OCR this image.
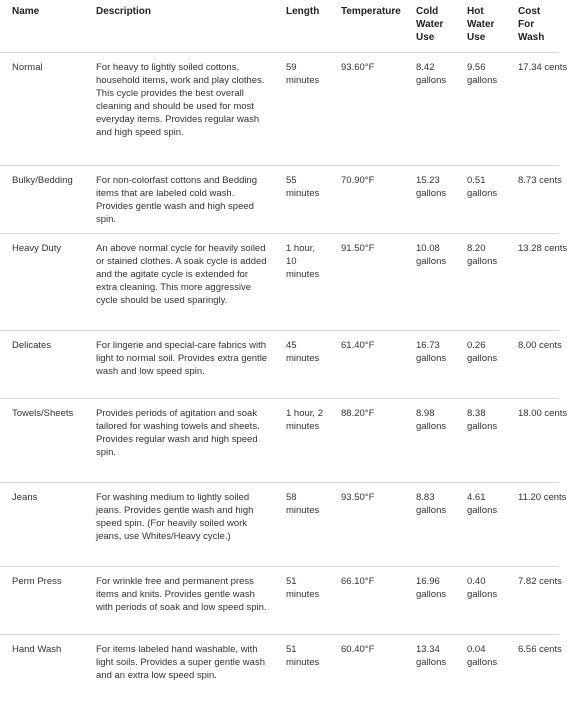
Name	Description	Length	Temperature	Cold Water Use	Hot Water Use	Cost For Wash
Normal	For heavy to lightly soiled cottons, household items, work and play clothes. This cycle provides the best overall cleaning and should be used for most everyday items. Provides regular wash and high speed spin.	59 minutes	93.60°F	8.42 gallons	9.56 gallons	17.34 cents
Bulky/Bedding	For non-colorfast cottons and Bedding items that are labeled cold wash. Provides gentle wash and high speed spin.	55 minutes	70.90°F	15.23 gallons	0.51 gallons	8.73 cents
Heavy Duty	An above normal cycle for heavily soiled or stained clothes. A soak cycle is added and the agitate cycle is extended for extra cleaning. This more aggressive cycle should be used sparingly.	1 hour, 10 minutes	91.50°F	10.08 gallons	8.20 gallons	13.28 cents
Delicates	For lingerie and special-care fabrics with light to normal soil. Provides extra gentle wash and low speed spin.	45 minutes	61.40°F	16.73 gallons	0.26 gallons	8.00 cents
Towels/Sheets	Provides periods of agitation and soak tailored for washing towels and sheets. Provides regular wash and high speed spin.	1 hour, 2 minutes	88.20°F	8.98 gallons	8.38 gallons	18.00 cents
Jeans	For washing medium to lightly soiled jeans. Provides gentle wash and high speed spin. (For heavily soiled work jeans, use Whites/Heavy cycle.)	58 minutes	93.50°F	8.83 gallons	4.61 gallons	11.20 cents
Perm Press	For wrinkle free and permanent press items and knits. Provides gentle wash with periods of soak and low speed spin.	51 minutes	66.10°F	16.96 gallons	0.40 gallons	7.82 cents
Hand Wash	For items labeled hand washable, with light soils. Provides a super gentle wash and an extra low speed spin.	51 minutes	60.40°F	13.34 gallons	0.04 gallons	6.56 cents
